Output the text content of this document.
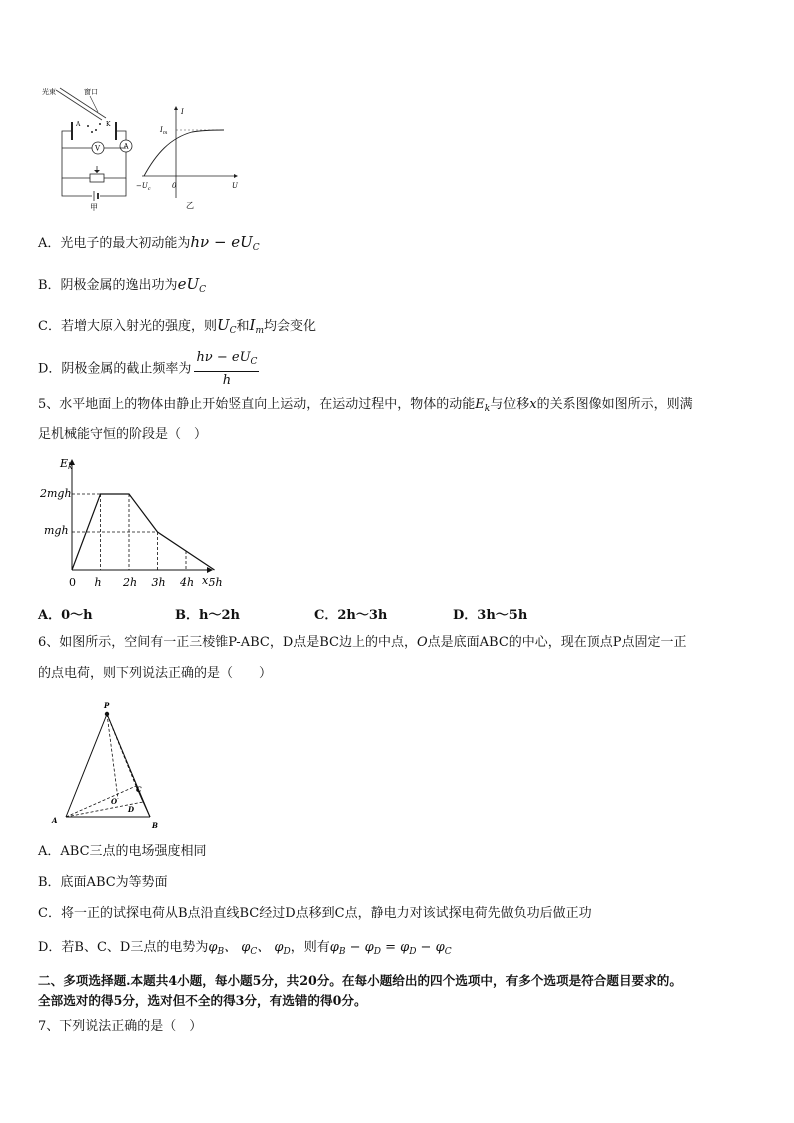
光束	窗口
A	K
A
V
甲
I
$I_m$
$-U_c$	0	U
乙
A．光电子的最大初动能为$h\nu - eU_C$
B．阴极金属的逸出功为$eU_C$
C．若增大原入射光的强度，则$U_C$和$I_m$均会变化
D．阴极金属的截止频率为 $\frac{h\nu - eU_C}{h}$
5、水平地面上的物体由静止开始竖直向上运动，在运动过程中，物体的动能$E_k$与位移x的关系图像如图所示，则满
足机械能守恒的阶段是（　）
Ek
x
2mgh
mgh
0 h 2h 3h 4h 5h
A．0～h	B．h～2h	C．2h～3h	D．3h～5h
6、如图所示，空间有一正三棱锥P-ABC，D点是BC边上的中点，O点是底面ABC的中心，现在顶点P点固定一正
的点电荷，则下列说法正确的是（　　）
P
A
B
C
D
O
A．ABC三点的电场强度相同
B．底面ABC为等势面
C．将一正的试探电荷从B点沿直线BC经过D点移到C点，静电力对该试探电荷先做负功后做正功
D．若B、C、D三点的电势为$\varphi_B$、 $\varphi_C$、 $\varphi_D$，则有$\varphi_B - \varphi_D = \varphi_D - \varphi_C$
二、多项选择题.本题共4小题，每小题5分，共20分。在每小题给出的四个选项中，有多个选项是符合题目要求的。
全部选对的得5分，选对但不全的得3分，有选错的得0分。
7、下列说法正确的是（　）
